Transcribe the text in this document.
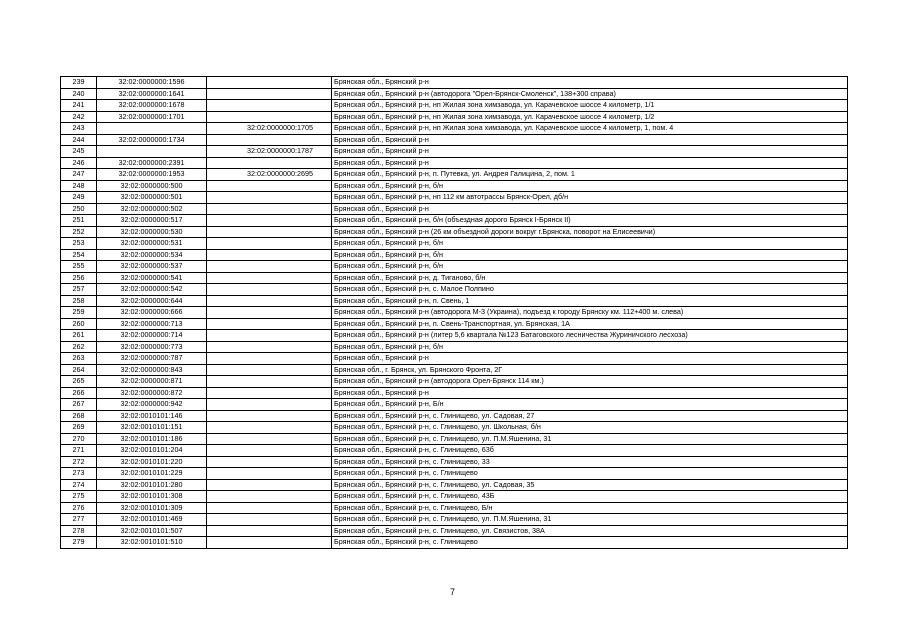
239	32:02:0000000:1596		Брянская обл., Брянский р-н
240	32:02:0000000:1641		Брянская обл., Брянский р-н (автодорога "Орел-Брянск-Смоленск", 138+300 справа)
241	32:02:0000000:1678		Брянская обл., Брянский р-н, нп Жилая зона химзавода, ул. Карачевское шоссе 4 километр, 1/1
242	32:02:0000000:1701		Брянская обл., Брянский р-н, нп Жилая зона химзавода, ул. Карачевское шоссе 4 километр, 1/2
243		32:02:0000000:1705	Брянская обл., Брянский р-н, нп Жилая зона химзавода, ул. Карачевское шоссе 4 километр, 1, пом. 4
244	32:02:0000000:1734		Брянская обл., Брянский р-н
245		32:02:0000000:1787	Брянская обл., Брянский р-н
246	32:02:0000000:2391		Брянская обл., Брянский р-н
247	32:02:0000000:1953	32:02:0000000:2695	Брянская обл., Брянский р-н, п. Путевка, ул. Андрея Галицина, 2, пом. 1
248	32:02:0000000:500		Брянская обл., Брянский р-н, б/н
249	32:02:0000000:501		Брянская обл., Брянский р-н, нп 112 км автотрассы Брянск-Орел, дб/н
250	32:02:0000000:502		Брянская обл., Брянский р-н
251	32:02:0000000:517		Брянская обл., Брянский р-н, б/н (объездная дорого Брянск I-Брянск II)
252	32:02:0000000:530		Брянская обл., Брянский р-н (26 км объездной дороги вокруг г.Брянска, поворот на Елисеевичи)
253	32:02:0000000:531		Брянская обл., Брянский р-н, б/н
254	32:02:0000000:534		Брянская обл., Брянский р-н, б/н
255	32:02:0000000:537		Брянская обл., Брянский р-н, б/н
256	32:02:0000000:541		Брянская обл., Брянский р-н, д. Тиганово, б/н
257	32:02:0000000:542		Брянская обл., Брянский р-н, с. Малое Полпино
258	32:02:0000000:644		Брянская обл., Брянский р-н, п. Свень, 1
259	32:02:0000000:666		Брянская обл., Брянский р-н (автодорога М-3 (Украина), подъезд к городу Брянску км. 112+400 м. слева)
260	32:02:0000000:713		Брянская обл., Брянский р-н, п. Свень-Транспортная, ул. Брянская, 1А
261	32:02:0000000:714		Брянская обл., Брянский р-н (литер 5,6 квартала №123 Батаговского лесничества Журиничского лесхоза)
262	32:02:0000000:773		Брянская обл., Брянский р-н, б/н
263	32:02:0000000:787		Брянская обл., Брянский р-н
264	32:02:0000000:843		Брянская обл., г. Брянск, ул. Брянского Фронта, 2Г
265	32:02:0000000:871		Брянская обл., Брянский р-н (автодорога Орел-Брянск 114 км.)
266	32:02:0000000:872		Брянская обл., Брянский р-н
267	32:02:0000000:942		Брянская обл., Брянский р-н, Б/н
268	32:02:0010101:146		Брянская обл., Брянский р-н, с. Глинищево, ул. Садовая, 27
269	32:02:0010101:151		Брянская обл., Брянский р-н, с. Глинищево, ул. Школьная, б/н
270	32:02:0010101:186		Брянская обл., Брянский р-н, с. Глинищево, ул. П.М.Яшенина, 31
271	32:02:0010101:204		Брянская обл., Брянский р-н, с. Глинищево, 63б
272	32:02:0010101:220		Брянская обл., Брянский р-н, с. Глинищево, 33
273	32:02:0010101:229		Брянская обл., Брянский р-н, с. Глинищево
274	32:02:0010101:280		Брянская обл., Брянский р-н, с. Глинищево, ул. Садовая, 35
275	32:02:0010101:308		Брянская обл., Брянский р-н, с. Глинищево, 43Б
276	32:02:0010101:309		Брянская обл., Брянский р-н, с. Глинищево, Б/н
277	32:02:0010101:469		Брянская обл., Брянский р-н, с. Глинищево, ул. П.М.Яшенина, 31
278	32:02:0010101:507		Брянская обл., Брянский р-н, с. Глинищево, ул. Связистов, 38А
279	32:02:0010101:510		Брянская обл., Брянский р-н, с. Глинищево
7
